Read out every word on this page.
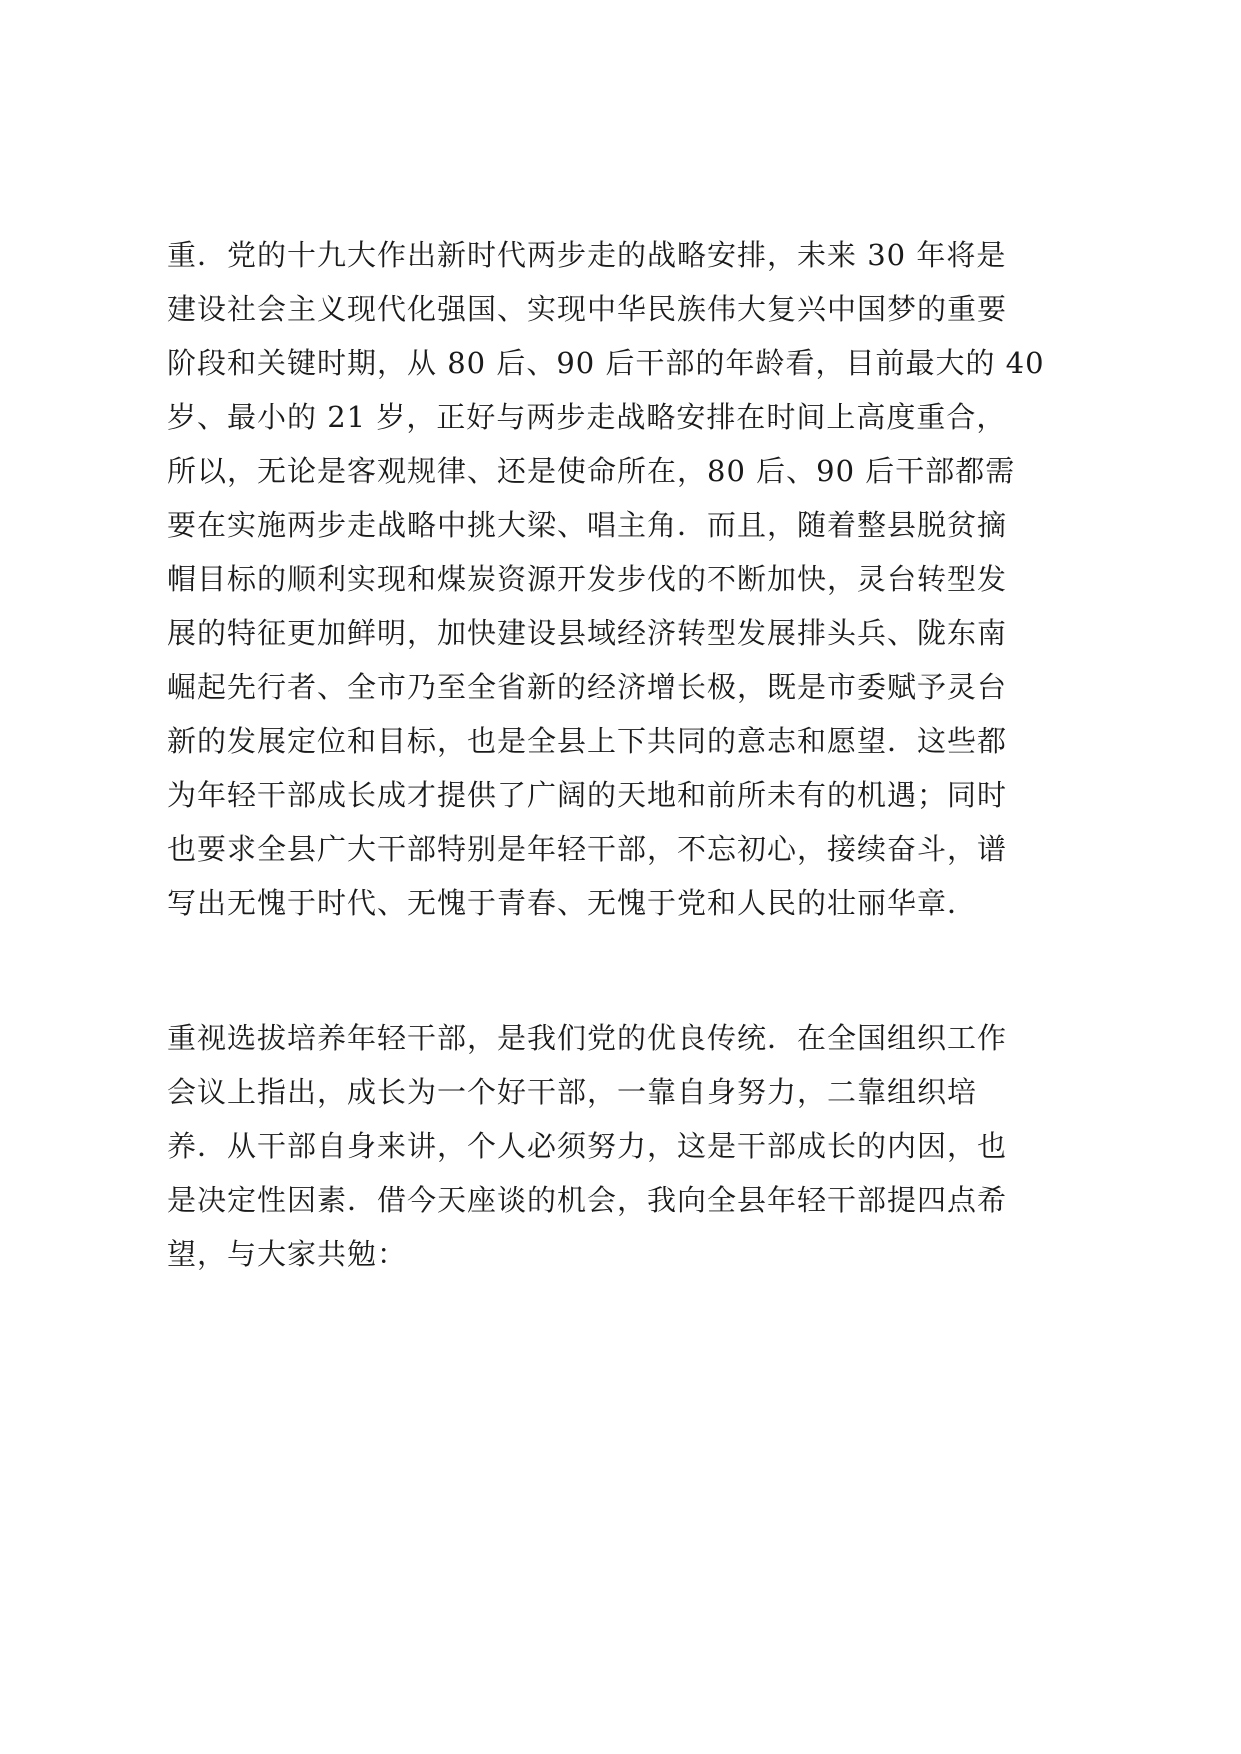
重．党的十九大作出新时代两步走的战略安排，未来 30 年将是
建设社会主义现代化强国、实现中华民族伟大复兴中国梦的重要
阶段和关键时期，从 80 后、90 后干部的年龄看，目前最大的 40
岁、最小的 21 岁，正好与两步走战略安排在时间上高度重合，
所以，无论是客观规律、还是使命所在，80 后、90 后干部都需
要在实施两步走战略中挑大梁、唱主角．而且，随着整县脱贫摘
帽目标的顺利实现和煤炭资源开发步伐的不断加快，灵台转型发
展的特征更加鲜明，加快建设县域经济转型发展排头兵、陇东南
崛起先行者、全市乃至全省新的经济增长极，既是市委赋予灵台
新的发展定位和目标，也是全县上下共同的意志和愿望．这些都
为年轻干部成长成才提供了广阔的天地和前所未有的机遇；同时
也要求全县广大干部特别是年轻干部，不忘初心，接续奋斗，谱
写出无愧于时代、无愧于青春、无愧于党和人民的壮丽华章．
重视选拔培养年轻干部，是我们党的优良传统．在全国组织工作
会议上指出，成长为一个好干部，一靠自身努力，二靠组织培
养．从干部自身来讲，个人必须努力，这是干部成长的内因，也
是决定性因素．借今天座谈的机会，我向全县年轻干部提四点希
望，与大家共勉：
